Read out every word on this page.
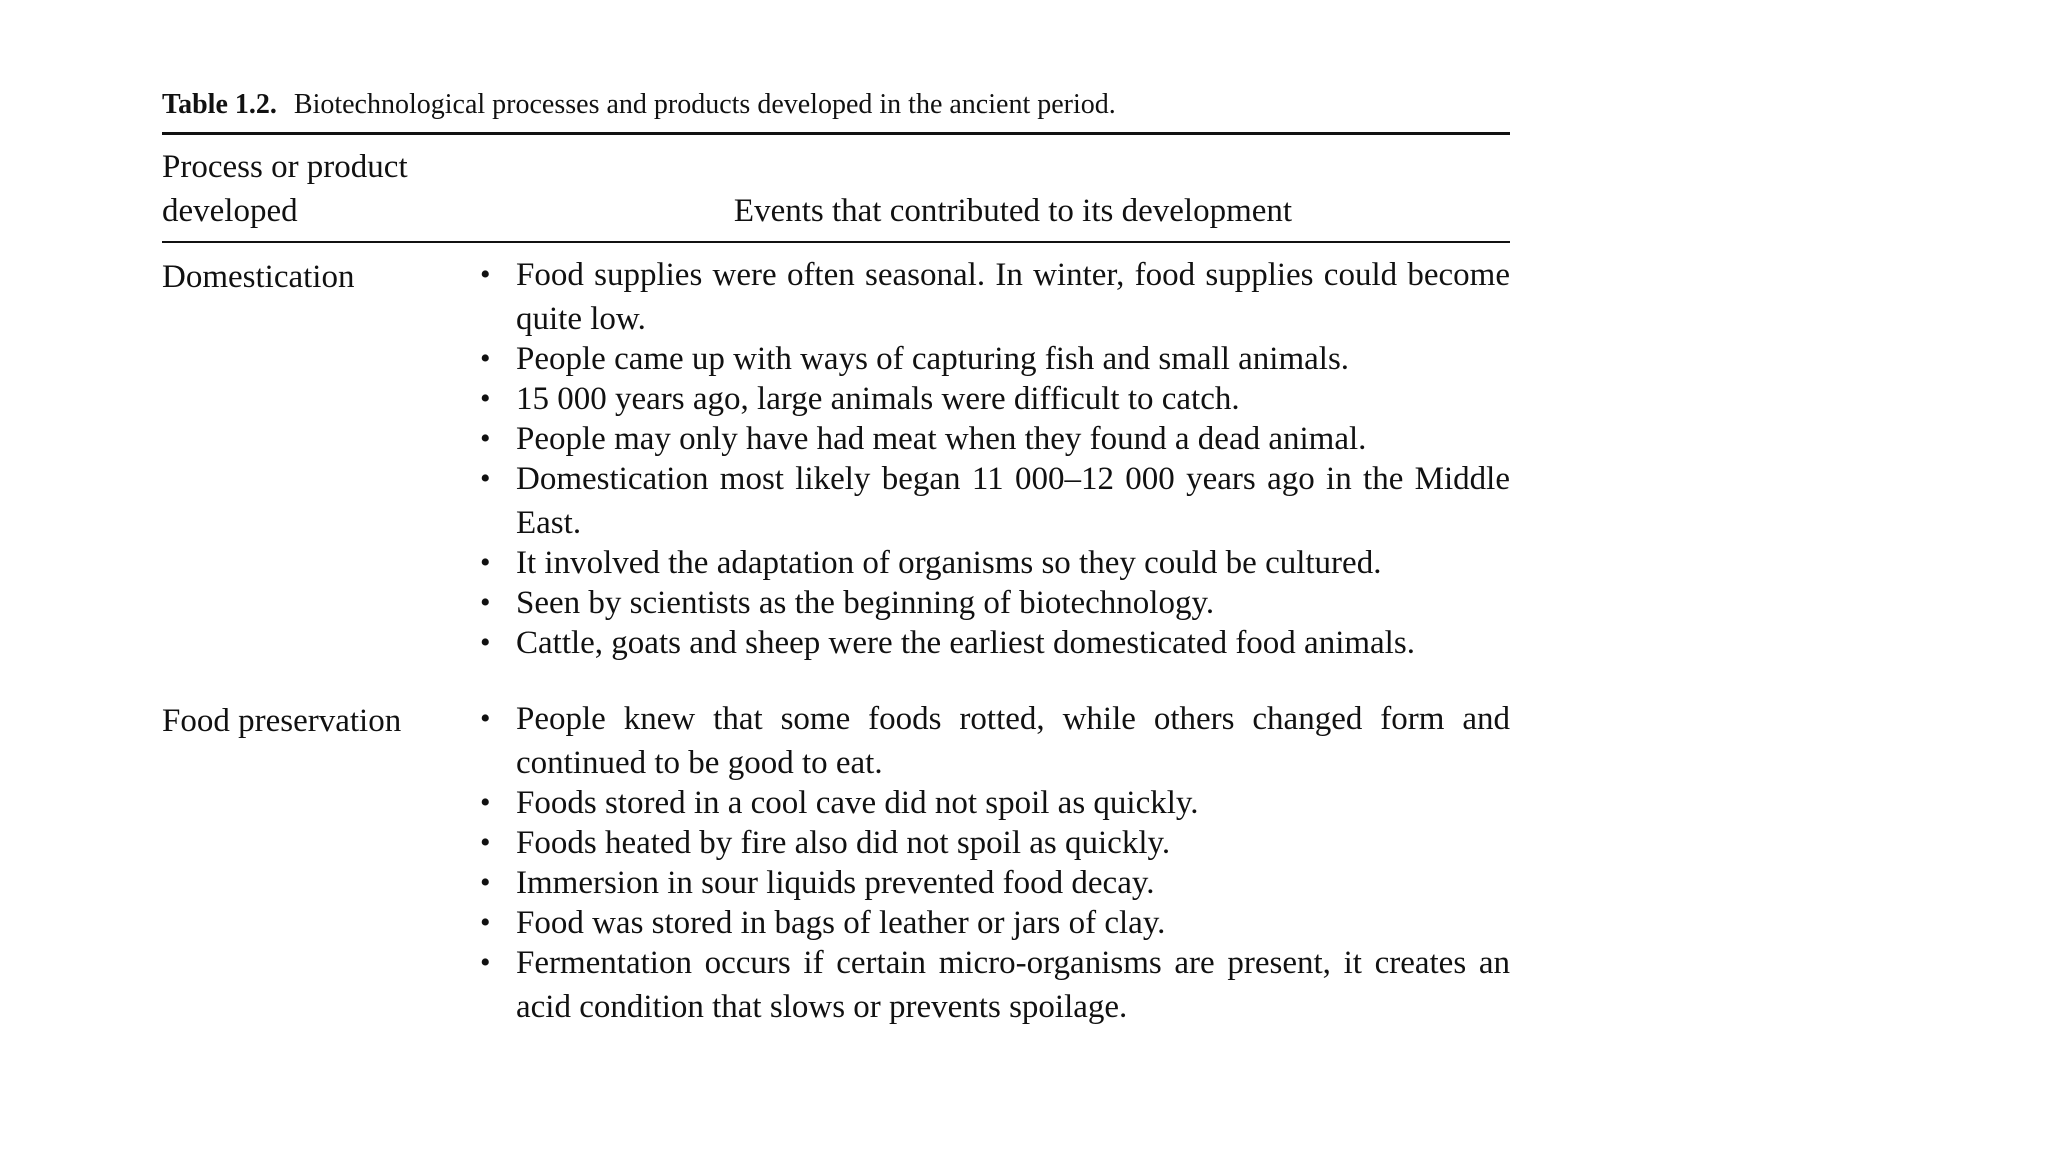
Table 1.2. Biotechnological processes and products developed in the ancient period.
Process or product
developed	Events that contributed to its development
Domestication	• Food supplies were often seasonal. In winter, food supplies could become quite low.
• People came up with ways of capturing fish and small animals.
• 15 000 years ago, large animals were difficult to catch.
• People may only have had meat when they found a dead animal.
• Domestication most likely began 11 000–12 000 years ago in the Middle East.
• It involved the adaptation of organisms so they could be cultured.
• Seen by scientists as the beginning of biotechnology.
• Cattle, goats and sheep were the earliest domesticated food animals.
Food preservation	• People knew that some foods rotted, while others changed form and continued to be good to eat.
• Foods stored in a cool cave did not spoil as quickly.
• Foods heated by fire also did not spoil as quickly.
• Immersion in sour liquids prevented food decay.
• Food was stored in bags of leather or jars of clay.
• Fermentation occurs if certain micro-organisms are present, it creates an acid condition that slows or prevents spoilage.
